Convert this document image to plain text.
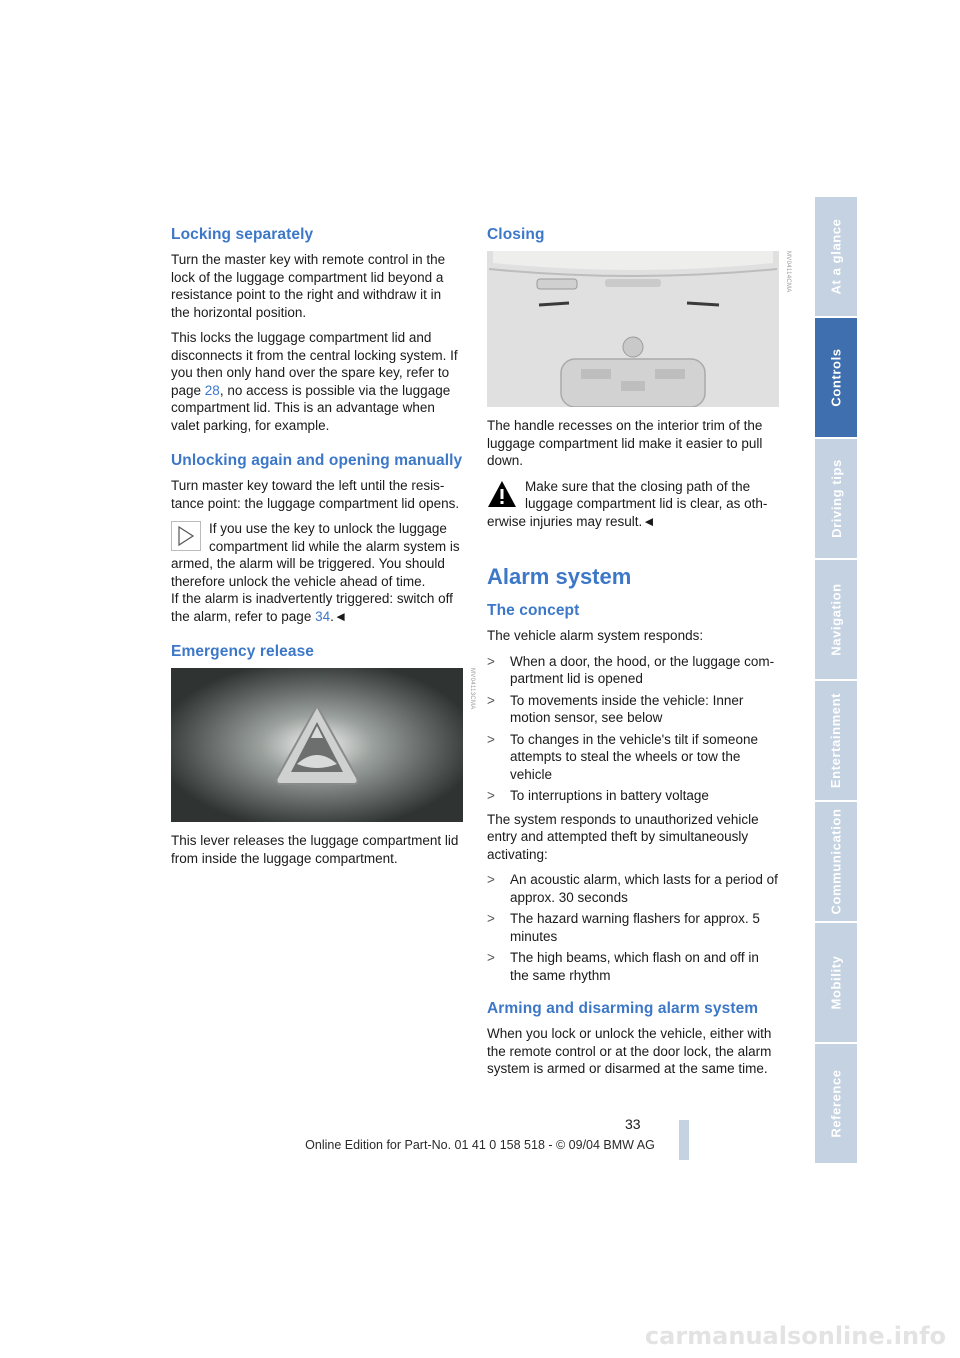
Locking separately

Turn the master key with remote control in the lock of the luggage compartment lid beyond a resistance point to the right and withdraw it in the horizontal position.

This locks the luggage compartment lid and disconnects it from the central locking system. If you then only hand over the spare key, refer to page 28, no access is possible via the luggage compartment lid. This is an advantage when valet parking, for example.

Unlocking again and opening manually

Turn master key toward the left until the resis-tance point: the luggage compartment lid opens.

If you use the key to unlock the luggage compartment lid while the alarm system is armed, the alarm will be triggered. You should therefore unlock the vehicle ahead of time.
If the alarm is inadvertently triggered: switch off the alarm, refer to page 34.◄
Emergency release
MV04113CMA

This lever releases the luggage compartment lid from inside the luggage compartment.

Closing
MV04114CMA

The handle recesses on the interior trim of the luggage compartment lid make it easier to pull down.

Make sure that the closing path of the luggage compartment lid is clear, as oth-erwise injuries may result.◄
Alarm system
The concept

The vehicle alarm system responds:

> When a door, the hood, or the luggage com-partment lid is opened
> To movements inside the vehicle: Inner motion sensor, see below
> To changes in the vehicle's tilt if someone attempts to steal the wheels or tow the vehicle
> To interruptions in battery voltage

The system responds to unauthorized vehicle entry and attempted theft by simultaneously activating:

> An acoustic alarm, which lasts for a period of approx. 30 seconds
> The hazard warning flashers for approx. 5 minutes
> The high beams, which flash on and off in the same rhythm
Arming and disarming alarm system

When you lock or unlock the vehicle, either with the remote control or at the door lock, the alarm system is armed or disarmed at the same time.

At a glance
Controls
Driving tips
Navigation
Entertainment
Communication
Mobility
Reference
33
Online Edition for Part-No. 01 41 0 158 518 - © 09/04 BMW AG
carmanualsonline.info
